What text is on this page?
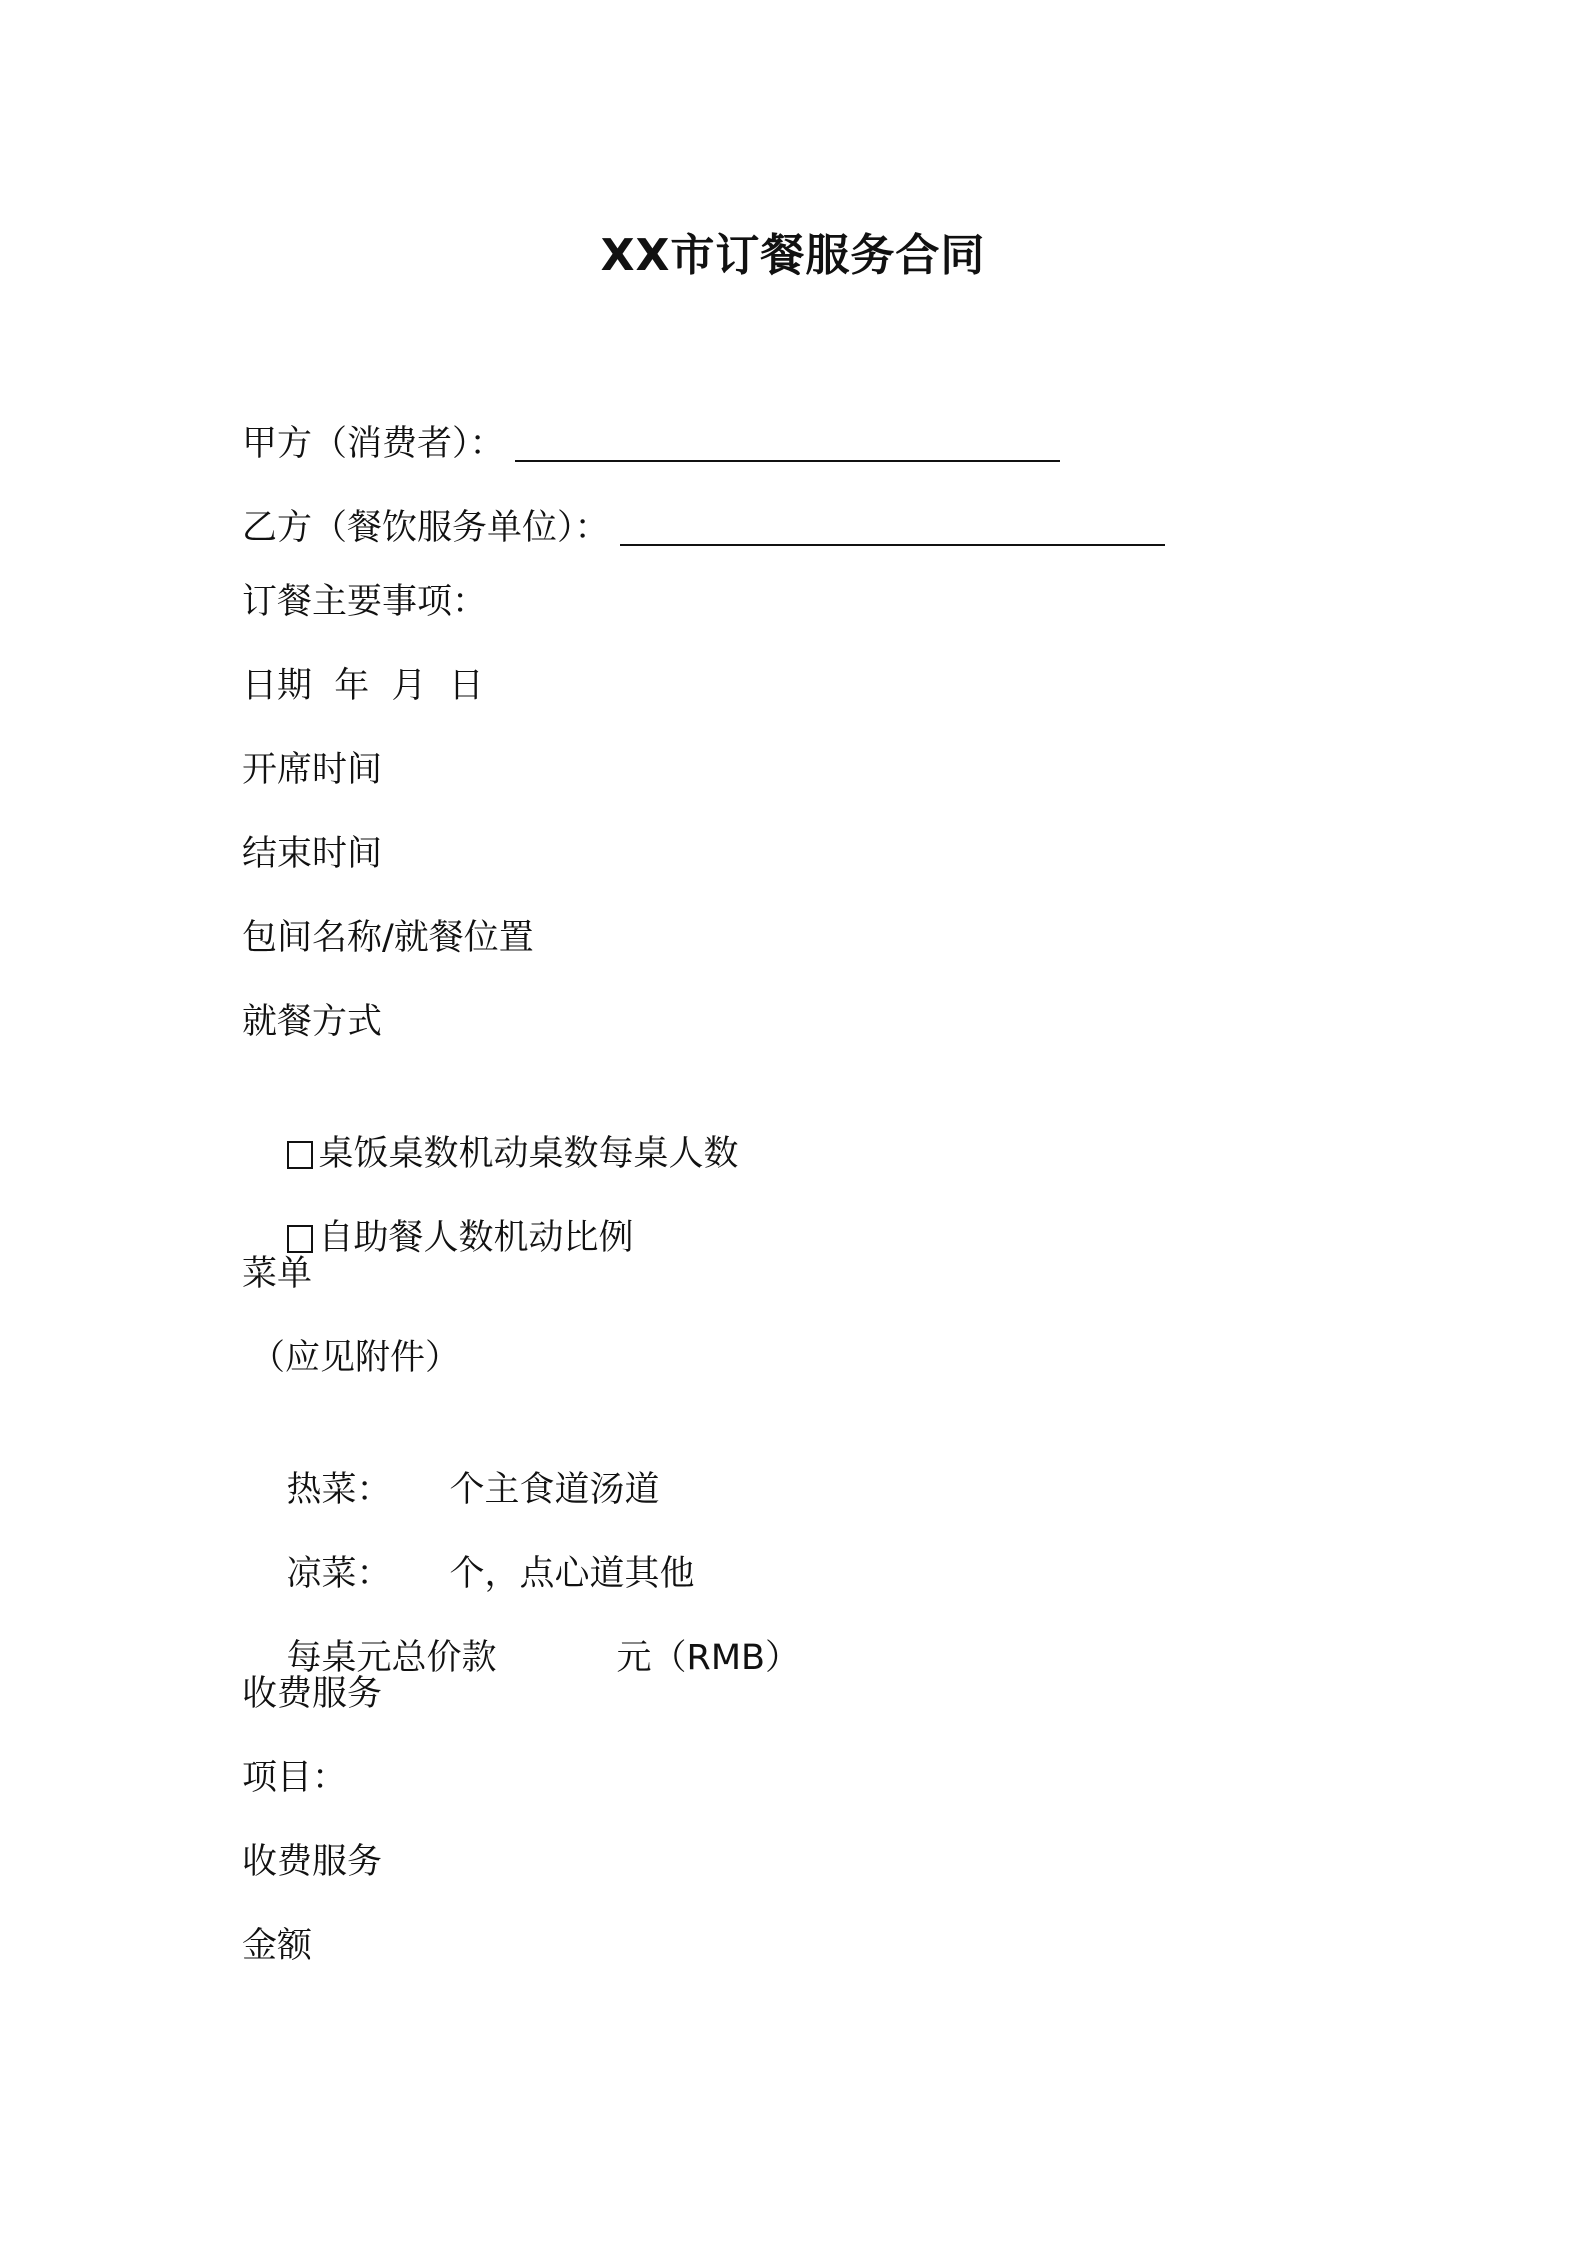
XX市订餐服务合同
甲方（消费者）：
乙方（餐饮服务单位）：
订餐主要事项：
日期  年  月  日
开席时间
结束时间
包间名称/就餐位置
就餐方式

桌饭桌数机动桌数每桌人数

自助餐人数机动比例

菜单
（应见附件）

热菜： 个主食道汤道

凉菜： 个，点心道其他

每桌元总价款	元（RMB）

收费服务
项目：
收费服务
金额
